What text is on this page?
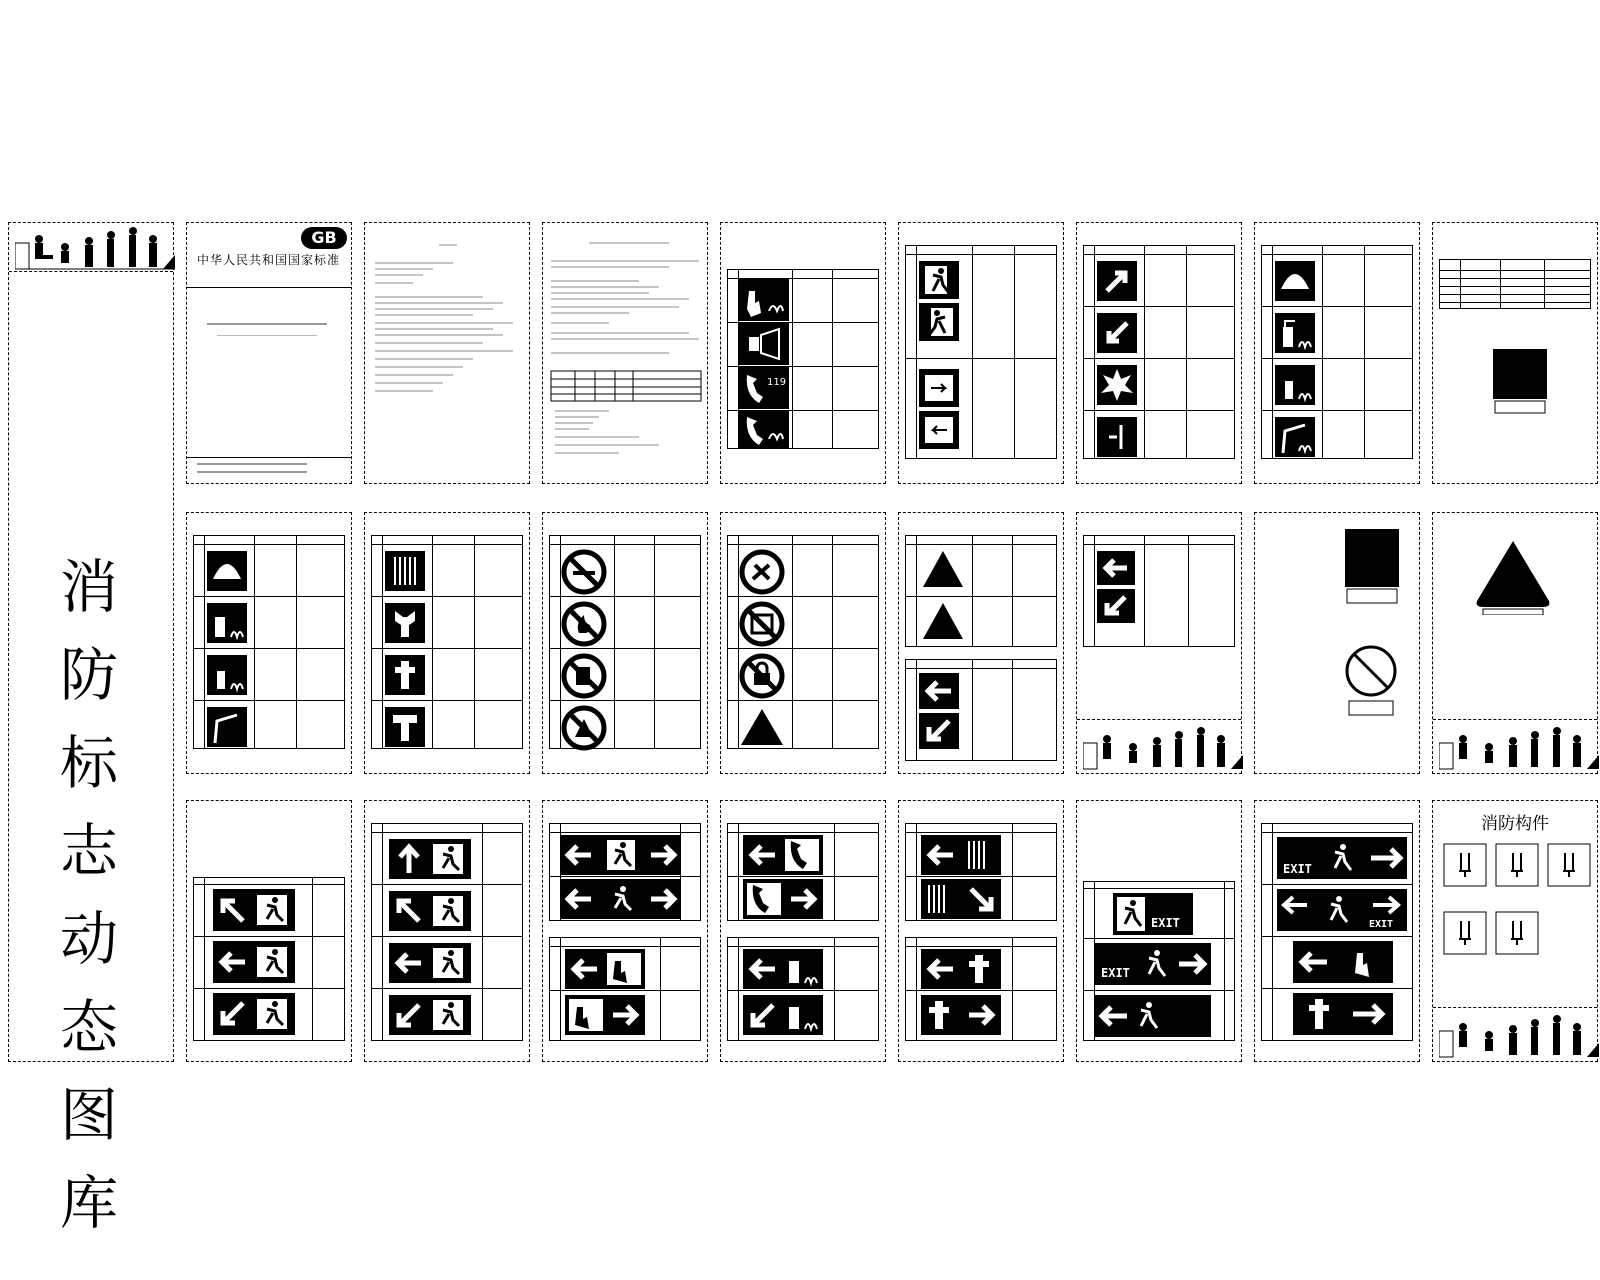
消
防
标
志
动
态
图
库
GB
中华人民共和国国家标准
119
EXIT
EXIT
EXIT
EXIT
消防构件
